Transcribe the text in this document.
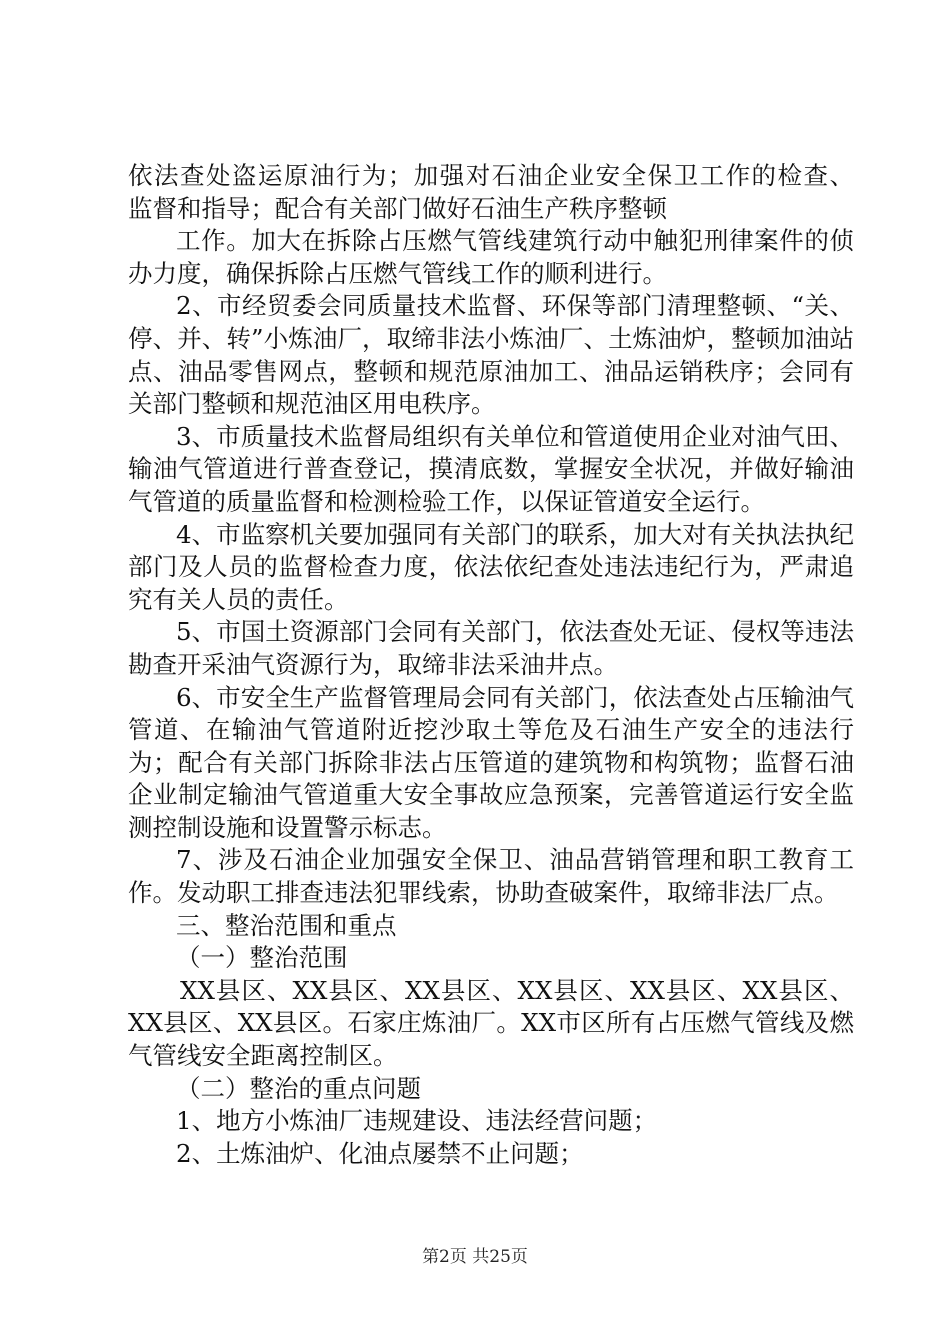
依法查处盗运原油行为；加强对石油企业安全保卫工作的检查、

监督和指导；配合有关部门做好石油生产秩序整顿

工作。加大在拆除占压燃气管线建筑行动中触犯刑律案件的侦办力度，确保拆除占压燃气管线工作的顺利进行。

2、市经贸委会同质量技术监督、环保等部门清理整顿、“关、停、并、转”小炼油厂，取缔非法小炼油厂、土炼油炉，整顿加油站点、油品零售网点，整顿和规范原油加工、油品运销秩序；会同有关部门整顿和规范油区用电秩序。

3、市质量技术监督局组织有关单位和管道使用企业对油气田、输油气管道进行普查登记，摸清底数，掌握安全状况，并做好输油气管道的质量监督和检测检验工作，以保证管道安全运行。

4、市监察机关要加强同有关部门的联系，加大对有关执法执纪部门及人员的监督检查力度，依法依纪查处违法违纪行为，严肃追究有关人员的责任。

5、市国土资源部门会同有关部门，依法查处无证、侵权等违法勘查开采油气资源行为，取缔非法采油井点。

6、市安全生产监督管理局会同有关部门，依法查处占压输油气管道、在输油气管道附近挖沙取土等危及石油生产安全的违法行为；配合有关部门拆除非法占压管道的建筑物和构筑物；监督石油企业制定输油气管道重大安全事故应急预案，完善管道运行安全监测控制设施和设置警示标志。

7、涉及石油企业加强安全保卫、油品营销管理和职工教育工作。发动职工排查违法犯罪线索，协助查破案件，取缔非法厂点。

三、整治范围和重点

（一）整治范围

XX县区、XX县区、XX县区、XX县区、XX县区、XX县区、XX县区、XX县区。石家庄炼油厂。XX市区所有占压燃气管线及燃气管线安全距离控制区。

（二）整治的重点问题

1、地方小炼油厂违规建设、违法经营问题；

2、土炼油炉、化油点屡禁不止问题；

第2页 共25页
